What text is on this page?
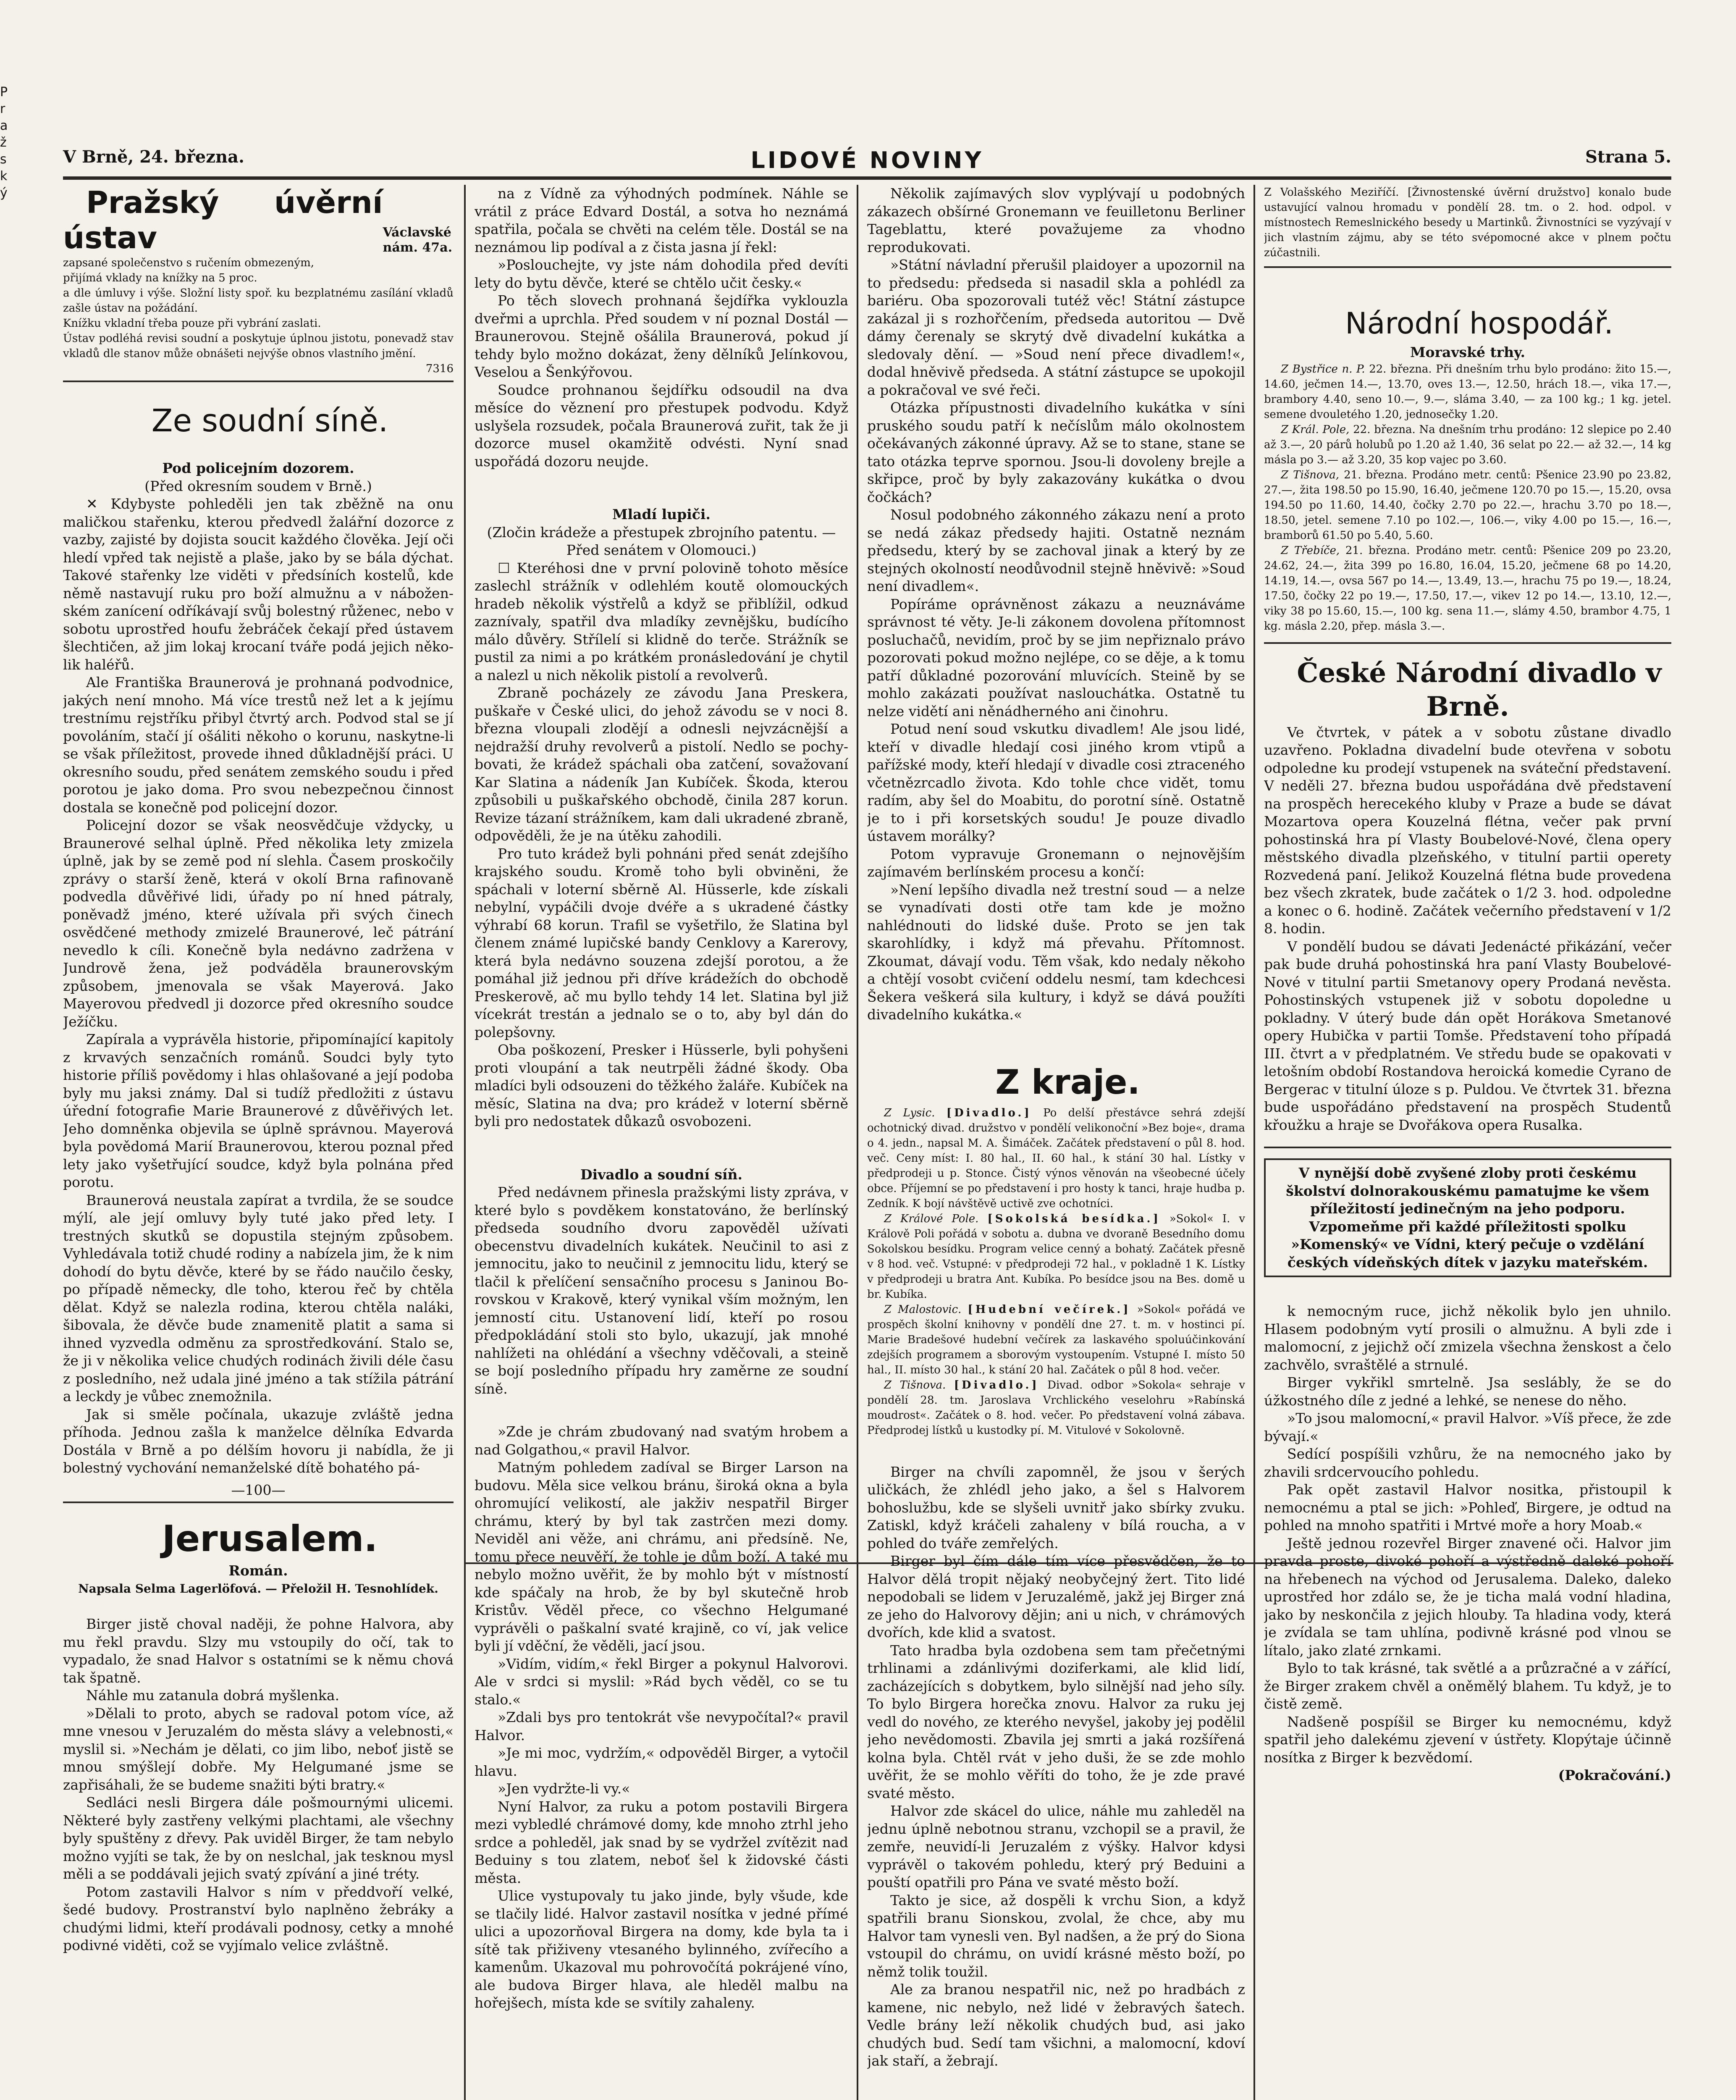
P
r
a
ž
s
k
ý
V Brně, 24. března.	LIDOVÉ NOVINY	Strana 5.

Pražský úvěrní ústav	Václavské nám. 47a.

zapsané společenstvo s ručením obmezeným,

přijímá vklady na knížky na 5 proc.

a dle úmluvy i výše. Složní listy spoř. ku bezplatnému zasílání vkladů zašle ústav na požádání.

Knížku vkladní třeba pouze při vybrání zaslati.

Ústav podléhá revisi soudní a poskytuje úplnou jistotu, ponevadž stav vkladů dle stanov může obnášeti nejvýše obnos vlastního jmění.

7316

Ze soudní síně.

Pod policejním dozorem.

(Před okresním soudem v Brně.)

✕ Kdybyste pohleděli jen tak zběžně na onu maličkou stařenku, kterou předvedl žalářní dozorce z vazby, zajisté by dojista soucit každého člověka. Její oči hledí vpřed tak nejistě a plaše, jako by se bála dýchat. Takové stařenky lze viděti v předsíních kostelů, kde němě nastavují ruku pro boží almužnu a v náboženském zanícení odříkávají svůj bolestný růženec, nebo v sobotu uprostřed houfu žebráček čekají před ústavem šlechtičen, až jim lokaj krocaní tváře podá jejich několik haléřů.

Ale Františka Braunerová je prohnaná podvodnice, jakých není mnoho. Má více trestů než let a k jejímu trestnímu rejstříku přibyl čtvrtý arch. Podvod stal se jí povoláním, stačí jí ošáliti někoho o korunu, naskytne-li se však příležitost, provede ihned důkladnější práci. U okresního soudu, před senátem zemského soudu i před porotou je jako doma. Pro svou nebezpečnou činnost dostala se konečně pod policejní dozor.

Policejní dozor se však neosvědčuje vždycky, u Braunerové selhal úplně. Před několika lety zmizela úplně, jak by se země pod ní slehla. Časem proskočily zprávy o starší ženě, která v okolí Brna rafinovaně podvedla důvěřivé lidi, úřady po ní hned pátraly, poněvadž jméno, které užívala při svých činech osvědčené methody zmizelé Braunerové, leč pátrání nevedlo k cíli. Konečně byla nedávno zadržena v Jundrově žena, jež podváděla braunerovským způsobem, jmenovala se však Mayerová. Jako Mayerovou předvedl ji dozorce před okresního soudce Ježíčku.

Zapírala a vyprávěla historie, připomínající kapitoly z krvavých senzačních románů. Soudci byly tyto historie příliš povědomy i hlas ohlašované a její podoba byly mu jaksi známy. Dal si tudíž předložiti z ústavu úřední fotografie Marie Braunerové z důvěřivých let. Jeho domněnka objevila se úplně správnou. Mayerová byla povědomá Marií Braunerovou, kterou poznal před lety jako vyšetřující soudce, když byla polnána před porotu.

Braunerová neustala zapírat a tvrdila, že se soudce mýlí, ale její omluvy byly tuté jako před lety. I trestných skutků se dopustila stejným způsobem. Vyhledávala totiž chudé rodiny a nabízela jim, že k nim dohodí do bytu děvče, které by se řádo naučilo česky, po případě německy, dle toho, kterou řeč by chtěla dělat. Když se nalezla rodina, kterou chtěla naláki, šibovala, že děvče bude znamenitě platit a sama si ihned vyzvedla odměnu za sprostředkování. Stalo se, že ji v několika velice chudých rodinách živili déle času z posledního, než udala jiné jméno a tak stížila pátrání a leckdy je vůbec znemožnila.

Jak si směle počínala, ukazuje zvláště jedna příhoda. Jednou zašla k manželce dělníka Edvarda Dostála v Brně a po délším hovoru ji nabídla, že ji bolestný vychování nemanželské dítě bohatého pá-

—100—

Jerusalem.

Román.

Napsala Selma Lagerlöfová. — Přeložil H. Tesnohlídek.

Birger jistě choval naději, že pohne Halvora, aby mu řekl pravdu. Slzy mu vstoupily do očí, tak to vypadalo, že snad Halvor s ostatními se k němu chová tak špatně.

Náhle mu zatanula dobrá myšlenka.

»Dělali to proto, abych se radoval potom více, až mne vnesou v Jeruzalém do města slávy a velebnosti,« myslil si. »Nechám je dělati, co jim libo, neboť jistě se mnou smýšlejí dobře. My Helgumané jsme se zapřisáhali, že se budeme snažiti býti bratry.«

Sedláci nesli Birgera dále pošmournými ulicemi. Některé byly zastřeny velkými plachtami, ale všechny byly spuštěny z dřevy. Pak uviděl Birger, že tam nebylo možno vyjíti se tak, že by on neslchal, jak tesknou mysl měli a se poddávali jejich svatý zpívání a jiné tréty.

Potom zastavili Halvor s ním v předdvoří velké, šedé budovy. Prostranství bylo naplněno žebráky a chudými lidmi, kteří prodávali podnosy, cetky a mnohé podivné viděti, což se vyjímalo velice zvláštně.

na z Vídně za výhodných podmínek. Náhle se vrátil z práce Edvard Dostál, a sotva ho neznámá spatřila, počala se chvěti na celém těle. Dostál se na neznámou lip podíval a z čista jasna jí řekl:

»Poslouchejte, vy jste nám dohodila před devíti lety do bytu děvče, které se chtělo učit česky.«

Po těch slovech prohnaná šejdířka vyklouzla dveřmi a uprchla. Před soudem v ní poznal Dostál — Braunerovou. Stejně ošálila Braunerová, pokud jí tehdy bylo možno dokázat, ženy dělníků Jelínkovou, Veselou a Šenkýřovou.

Soudce prohnanou šejdířku odsoudil na dva měsíce do věznení pro přestupek podvodu. Když uslyšela rozsudek, počala Braunerová zuřit, tak že ji dozorce musel okamžitě odvésti. Nyní snad uspořádá dozoru neujde.

Mladí lupiči.

(Zločin krádeže a přestupek zbrojního patentu. — Před senátem v Olomouci.)

☐ Kteréhosi dne v první polovině tohoto měsíce zaslechl strážník v odlehlém koutě olomouckých hradeb několik výstřelů a když se přiblížil, odkud zaznívaly, spatřil dva mladíky zevnějšku, budícího málo důvěry. Střílelí si klidně do terče. Strážník se pustil za nimi a po krátkém pronásledování je chytil a nalezl u nich několik pistolí a revolverů.

Zbraně pocházely ze závodu Jana Preskera, puškaře v České ulici, do jehož závodu se v noci 8. března vloupali zlodějí a odnesli nejvzácnější a nejdražší druhy revolverů a pistolí. Nedlo se pochybovati, že krádež spáchali oba zatčení, sovažovaní Kar Slatina a nádeník Jan Kubíček. Škoda, kterou způsobili u puškařského obchodě, činila 287 korun. Revize tázaní strážníkem, kam dali ukradené zbraně, odpověděli, že je na útěku zahodili.

Pro tuto krádež byli pohnáni před senát zdejšího krajského soudu. Kromě toho byli obviněni, že spáchali v loterní sběrně Al. Hüsserle, kde získali nebylní, vypáčili dvoje dvéře a s ukradené částky výhrabí 68 korun. Trafil se vyšetřilo, že Slatina byl členem známé lupičské bandy Cenklovy a Karerovy, která byla nedávno souzena zdejší porotou, a že pomáhal již jednou při dříve krádežích do obchodě Preskerově, ač mu byllo tehdy 14 let. Slatina byl již vícekrát trestán a jednalo se o to, aby byl dán do polepšovny.

Oba poškození, Presker i Hüsserle, byli pohyšeni proti vloupání a tak neutrpěli žádné škody. Oba mladíci byli odsouzeni do těžkého žaláře. Kubíček na měsíc, Slatina na dva; pro krádež v loterní sběrně byli pro nedostatek důkazů osvobozeni.

Divadlo a soudní síň.

Před nedávnem přinesla pražskými listy zpráva, v které bylo s povděkem konstatováno, že berlínský předseda soudního dvoru zapověděl užívati obecenstvu divadelních kukátek. Neučinil to asi z jemnocitu, jako to neučinil z jemnocitu lidu, který se tlačil k přelíčení sensačního procesu s Janinou Borovskou v Krakově, který vynikal vším možným, len jemností citu. Ustanovení lidí, kteří po rosou předpokládání stoli sto bylo, ukazují, jak mnohé nahlížeti na ohlédání a všechny vděčovali, a steině se bojí posledního případu hry zaměrne ze soudní síně.

»Zde je chrám zbudovaný nad svatým hrobem a nad Golgathou,« pravil Halvor.

Matným pohledem zadíval se Birger Larson na budovu. Měla sice velkou bránu, široká okna a byla ohromující velikostí, ale jakživ nespatřil Birger chrámu, který by byl tak zastrčen mezi domy. Neviděl ani věže, ani chrámu, ani předsíně. Ne, tomu přece neuvěří, že tohle je dům boží. A také mu nebylo možno uvěřit, že by mohlo být v místností kde spáčaly na hrob, že by byl skutečně hrob Kristův. Věděl přece, co všechno Helgumané vyprávěli o paškalní svaté krajině, co ví, jak velice byli jí vděční, že věděli, jací jsou.

»Vidím, vidím,« řekl Birger a pokynul Halvorovi. Ale v srdci si myslil: »Rád bych věděl, co se tu stalo.«

»Zdali bys pro tentokrát vše nevypočítal?« pravil Halvor.

»Je mi moc, vydržím,« odpověděl Birger, a vytočil hlavu.

»Jen vydržte-li vy.«

Nyní Halvor, za ruku a potom postavili Birgera mezi vybledlé chrámové domy, kde mnoho ztrhl jeho srdce a pohleděl, jak snad by se vydržel zvítězit nad Beduiny s tou zlatem, neboť šel k židovské části města.

Ulice vystupovaly tu jako jinde, byly všude, kde se tlačily lidé. Halvor zastavil nosítka v jedné přímé ulici a upozorňoval Birgera na domy, kde byla ta i sítě tak přiživeny vtesaného bylinného, zvířecího a kamenům. Ukazoval mu pohrovočítá pokrájené víno, ale budova Birger hlava, ale hleděl malbu na hořejšech, místa kde se svítily zahaleny.

Několik zajímavých slov vyplývají u podobných zákazech obšírné Gronemann ve feuilletonu Berliner Tageblattu, které považujeme za vhodno reprodukovati.

»Státní návladní přerušil plaidoyer a upozornil na to předsedu: předseda si nasadil skla a pohlédl za bariéru. Oba spozorovali tutéž věc! Státní zástupce zakázal ji s rozhořčením, předseda autoritou — Dvě dámy čerenaly se skrytý dvě divadelní kukátka a sledovaly dění. — »Soud není přece divadlem!«, dodal hněvivě předseda. A státní zástupce se upokojil a pokračoval ve své řeči.

Otázka přípustnosti divadelního kukátka v síni pruského soudu patří k nečíslům málo okolnostem očekávaných zákonné úpravy. Až se to stane, stane se tato otázka teprve spornou. Jsou-li dovoleny brejle a skřipce, proč by byly zakazovány kukátka o dvou čočkách?

Nosul podobného zákonného zákazu není a proto se nedá zákaz předsedy hajiti. Ostatně neznám předsedu, který by se zachoval jinak a který by ze stejných okolností neodůvodnil stejně hněvivě: »Soud není divadlem«.

Popíráme oprávněnost zákazu a neuznáváme správnost té věty. Je-li zákonem dovolena přítomnost posluchačů, nevidím, proč by se jim nepřiznalo právo pozorovati pokud možno nejlépe, co se děje, a k tomu patří důkladné pozorování mluvících. Steině by se mohlo zakázati používat naslouchátka. Ostatně tu nelze vidětí ani něnádherného ani činohru.

Potud není soud vskutku divadlem! Ale jsou lidé, kteří v divadle hledají cosi jiného krom vtipů a pařížské mody, kteří hledají v divadle cosi ztraceného včetnězrcadlo života. Kdo tohle chce vidět, tomu radím, aby šel do Moabitu, do porotní síně. Ostatně je to i při korsetských soudu! Je pouze divadlo ústavem morálky?

Potom vypravuje Gronemann o nejnovějším zajímavém berlínském procesu a končí:

»Není lepšího divadla než trestní soud — a nelze se vynadívati dosti otře tam kde je možno nahlédnouti do lidské duše. Proto se jen tak skarohlídky, i když má převahu. Přítomnost. Zkoumat, dávají vodu. Těm však, kdo nedaly někoho a chtějí vosobt cvičení oddelu nesmí, tam kdechcesi Šekera veškerá sila kultury, i když se dává použíti divadelního kukátka.«

Z kraje.

Z Lysic. [Divadlo.] Po delší přestávce sehrá zdejší ochotnický divad. družstvo v pondělí velikonoční »Bez boje«, drama o 4. jedn., napsal M. A. Šimáček. Začátek představení o půl 8. hod. več. Ceny míst: I. 80 hal., II. 60 hal., k stání 30 hal. Lístky v předprodeji u p. Stonce. Čistý výnos věnován na všeobecné účely obce. Příjemní se po představení i pro hosty k tanci, hraje hudba p. Zedník. K bojí návštěvě uctivě zve ochotníci.

Z Králové Pole. [Sokolská besídka.] »Sokol« I. v Králově Poli pořádá v sobotu a. dubna ve dvoraně Besedního domu Sokolskou besídku. Program velice cenný a bohatý. Začátek přesně v 8 hod. več. Vstupné: v předprodeji 72 hal., v pokladně 1 K. Lístky v předprodeji u bratra Ant. Kubíka. Po besídce jsou na Bes. domě u br. Kubíka.

Z Malostovic. [Hudební večírek.] »Sokol« pořádá ve prospěch školní knihovny v pondělí dne 27. t. m. v hostinci pí. Marie Bradešové hudební večírek za laskavého spoluúčinkování zdejších programem a sborovým vystoupením. Vstupné I. místo 50 hal., II. místo 30 hal., k stání 20 hal. Začátek o půl 8 hod. večer.

Z Tišnova. [Divadlo.] Divad. odbor »Sokola« sehraje v pondělí 28. tm. Jaroslava Vrchlického veselohru »Rabínská moudrost«. Začátek o 8. hod. večer. Po představení volná zábava. Předprodej lístků u kustodky pí. M. Vitulové v Sokolovně.

Birger na chvíli zapomněl, že jsou v šerých uličkách, že zhlédl jeho jako, a šel s Halvorem bohoslužbu, kde se slyšeli uvnitř jako sbírky zvuku. Zatiskl, když kráčeli zahaleny v bílá roucha, a v pohled do tváře zemřelých.

Birger byl čím dále tím více přesvědčen, že to Halvor dělá tropit nějaký neobyčejný žert. Tito lidé nepodobali se lidem v Jeruzalémě, jakž jej Birger zná ze jeho do Halvorovy dějin; ani u nich, v chrámových dvořích, kde klid a svatost.

Tato hradba byla ozdobena sem tam přečetnými trhlinami a zdánlivými doziferkami, ale klid lidí, zacházejících s dobytkem, bylo silnější nad jeho síly. To bylo Birgera horečka znovu. Halvor za ruku jej vedl do nového, ze kterého nevyšel, jakoby jej podělil jeho nevědomosti. Zbavila jej smrti a jaká rozšířená kolna byla. Chtěl rvát v jeho duši, že se zde mohlo uvěřit, že se mohlo věříti do toho, že je zde pravé svaté město.

Halvor zde skácel do ulice, náhle mu zahleděl na jednu úplně nebotnou stranu, vzchopil se a pravil, že zemře, neuvidí-li Jeruzalém z výšky. Halvor kdysi vyprávěl o takovém pohledu, který prý Beduini a pouští opatřili pro Pána ve svaté město boží.

Takto je sice, až dospěli k vrchu Sion, a když spatřili branu Sionskou, zvolal, že chce, aby mu Halvor tam vynesli ven. Byl nadšen, a že prý do Siona vstoupil do chrámu, on uvidí krásné město boží, po němž tolik toužil.

Ale za branou nespatřil nic, než po hradbách z kamene, nic nebylo, než lidé v žebravých šatech. Vedle brány leží několik chudých bud, asi jako chudých bud. Sedí tam všichni, a malomocní, kdoví jak staří, a žebrají.

Z Volašského Meziříčí. [Živnostenské úvěrní družstvo] konalo bude ustavující valnou hromadu v pondělí 28. tm. o 2. hod. odpol. v místnostech Remeslnického besedy u Martinků. Živnostníci se vyzývají v jich vlastním zájmu, aby se této svépomocné akce v plnem počtu zúčastnili.

Národní hospodář.

Moravské trhy.

Z Bystřice n. P. 22. března. Při dnešním trhu bylo prodáno: žito 15.—, 14.60, ječmen 14.—, 13.70, oves 13.—, 12.50, hrách 18.—, vika 17.—, brambory 4.40, seno 10.—, 9.—, sláma 3.40, — za 100 kg.; 1 kg. jetel. semene dvouletého 1.20, jednosečky 1.20.

Z Král. Pole, 22. března. Na dnešním trhu prodáno: 12 slepice po 2.40 až 3.—, 20 párů holubů po 1.20 až 1.40, 36 selat po 22.— až 32.—, 14 kg másla po 3.— až 3.20, 35 kop vajec po 3.60.

Z Tišnova, 21. března. Prodáno metr. centů: Pšenice 23.90 po 23.82, 27.—, žita 198.50 po 15.90, 16.40, ječmene 120.70 po 15.—, 15.20, ovsa 194.50 po 11.60, 14.40, čočky 2.70 po 22.—, hrachu 3.70 po 18.—, 18.50, jetel. semene 7.10 po 102.—, 106.—, viky 4.00 po 15.—, 16.—, bramborů 61.50 po 5.40, 5.60.

Z Třebíče, 21. března. Prodáno metr. centů: Pšenice 209 po 23.20, 24.62, 24.—, žita 399 po 16.80, 16.04, 15.20, ječmene 68 po 14.20, 14.19, 14.—, ovsa 567 po 14.—, 13.49, 13.—, hrachu 75 po 19.—, 18.24, 17.50, čočky 22 po 19.—, 17.50, 17.—, vikev 12 po 14.—, 13.10, 12.—, viky 38 po 15.60, 15.—, 100 kg. sena 11.—, slámy 4.50, brambor 4.75, 1 kg. másla 2.20, přep. másla 3.—.

České Národní divadlo v Brně.

Ve čtvrtek, v pátek a v sobotu zůstane divadlo uzavřeno. Pokladna divadelní bude otevřena v sobotu odpoledne ku prodejí vstupenek na sváteční představení. V neděli 27. března budou uspořádána dvě představení na prospěch herecekého kluby v Praze a bude se dávat Mozartova opera Kouzelná flétna, večer pak první pohostinská hra pí Vlasty Boubelové-Nové, člena opery městského divadla plzeňského, v titulní partii operety Rozvedená paní. Jelikož Kouzelná flétna bude provedena bez všech zkratek, bude začátek o 1/2 3. hod. odpoledne a konec o 6. hodině. Začátek večerního představení v 1/2 8. hodin.

V pondělí budou se dávati Jedenácté přikázání, večer pak bude druhá pohostinská hra paní Vlasty Boubelové-Nové v titulní partii Smetanovy opery Prodaná nevěsta. Pohostinských vstupenek již v sobotu dopoledne u pokladny. V úterý bude dán opět Horákova Smetanové opery Hubička v partii Tomše. Představení toho případá III. čtvrt a v předplatném. Ve středu bude se opakovati v letošním období Rostandova heroická komedie Cyrano de Bergerac v titulní úloze s p. Puldou. Ve čtvrtek 31. března bude uspořádáno představení na prospěch Studentů křoužku a hraje se Dvořákova opera Rusalka.

V nynější době zvyšené zloby proti českému školství dolnorakouskému pamatujme ke všem příležitostí jedinečným na jeho podporu. Vzpomeňme při každé příležitosti spolku »Komenský« ve Vídni, který pečuje o vzdělání českých vídeňských dítek v jazyku mateřském.

k nemocným ruce, jichž několik bylo jen uhnilo. Hlasem podobným vytí prosili o almužnu. A byli zde i malomocní, z jejichž očí zmizela všechna ženskost a čelo zachvělo, svraštělé a strnulé.

Birger vykřikl smrtelně. Jsa seslábly, že se do úžkostného díle z jedné a lehké, se nenese do něho.

»To jsou malomocní,« pravil Halvor. »Víš přece, že zde bývají.«

Sedící pospíšili vzhůru, že na nemocného jako by zhavili srdcervoucího pohledu.

Pak opět zastavil Halvor nositka, přistoupil k nemocnému a ptal se jich: »Pohleď, Birgere, je odtud na pohled na mnoho spatřiti i Mrtvé moře a hory Moab.«

Ještě jednou rozevřel Birger znavené oči. Halvor jim pravda proste, divoké pohoří a výstředně daleké pohoří na hřebenech na východ od Jerusalema. Daleko, daleko uprostřed hor zdálo se, že je ticha malá vodní hladina, jako by neskončila z jejich hlouby. Ta hladina vody, která je zvídala se tam uhlína, podivně krásné pod vlnou se lítalo, jako zlaté zrnkami.

Bylo to tak krásné, tak světlé a a průzračné a v zářící, že Birger zrakem chvěl a oněmělý blahem. Tu když, je to čistě země.

Nadšeně pospíšil se Birger ku nemocnému, když spatřil jeho dalekému zjevení v ústřety. Klopýtaje účinně nosítka z Birger k bezvědomí.

(Pokračování.)
